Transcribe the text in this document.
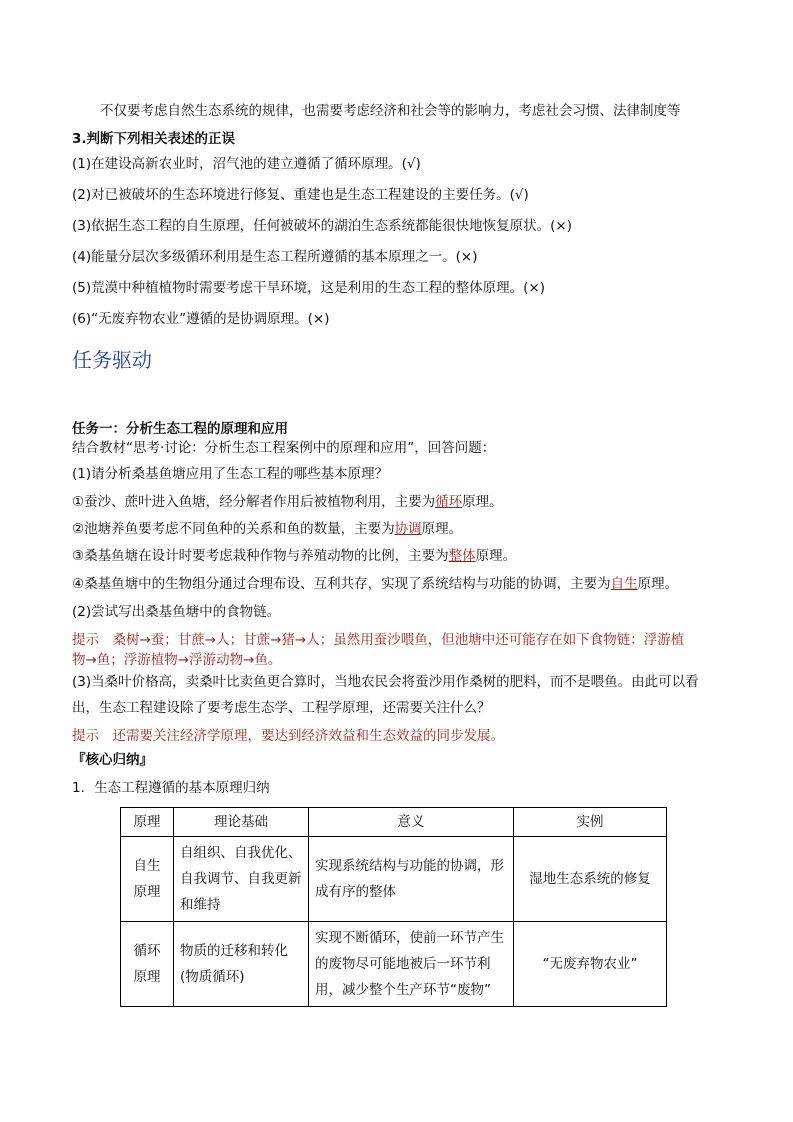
不仅要考虑自然生态系统的规律，也需要考虑经济和社会等的影响力，考虑社会习惯、法律制度等
3.判断下列相关表述的正误
(1)在建设高新农业时，沼气池的建立遵循了循环原理。(√)
(2)对已被破坏的生态环境进行修复、重建也是生态工程建设的主要任务。(√)
(3)依据生态工程的自生原理，任何被破坏的湖泊生态系统都能很快地恢复原状。(×)
(4)能量分层次多级循环利用是生态工程所遵循的基本原理之一。(×)
(5)荒漠中种植植物时需要考虑干旱环境，这是利用的生态工程的整体原理。(×)
(6)“无废弃物农业”遵循的是协调原理。(×)
任务驱动
任务一：分析生态工程的原理和应用
结合教材“思考·讨论：分析生态工程案例中的原理和应用”，回答问题：
(1)请分析桑基鱼塘应用了生态工程的哪些基本原理？
①蚕沙、蔗叶进入鱼塘，经分解者作用后被植物利用，主要为循环原理。
②池塘养鱼要考虑不同鱼种的关系和鱼的数量，主要为协调原理。
③桑基鱼塘在设计时要考虑栽种作物与养殖动物的比例，主要为整体原理。
④桑基鱼塘中的生物组分通过合理布设、互利共存，实现了系统结构与功能的协调，主要为自生原理。
(2)尝试写出桑基鱼塘中的食物链。
提示　桑树→蚕；甘蔗→人；甘蔗→猪→人；虽然用蚕沙喂鱼，但池塘中还可能存在如下食物链：浮游植
物→鱼；浮游植物→浮游动物→鱼。
(3)当桑叶价格高，卖桑叶比卖鱼更合算时，当地农民会将蚕沙用作桑树的肥料，而不是喂鱼。由此可以看
出，生态工程建设除了要考虑生态学、工程学原理，还需要关注什么？
提示　还需要关注经济学原理，要达到经济效益和生态效益的同步发展。
『核心归纳』
1．生态工程遵循的基本原理归纳
原理	理论基础	意义	实例
自生原理	自组织、自我优化、自我调节、自我更新和维持	实现系统结构与功能的协调，形成有序的整体	湿地生态系统的修复
循环原理	物质的迁移和转化(物质循环)	实现不断循环，使前一环节产生的废物尽可能地被后一环节利用，减少整个生产环节“废物”	“无废弃物农业”
